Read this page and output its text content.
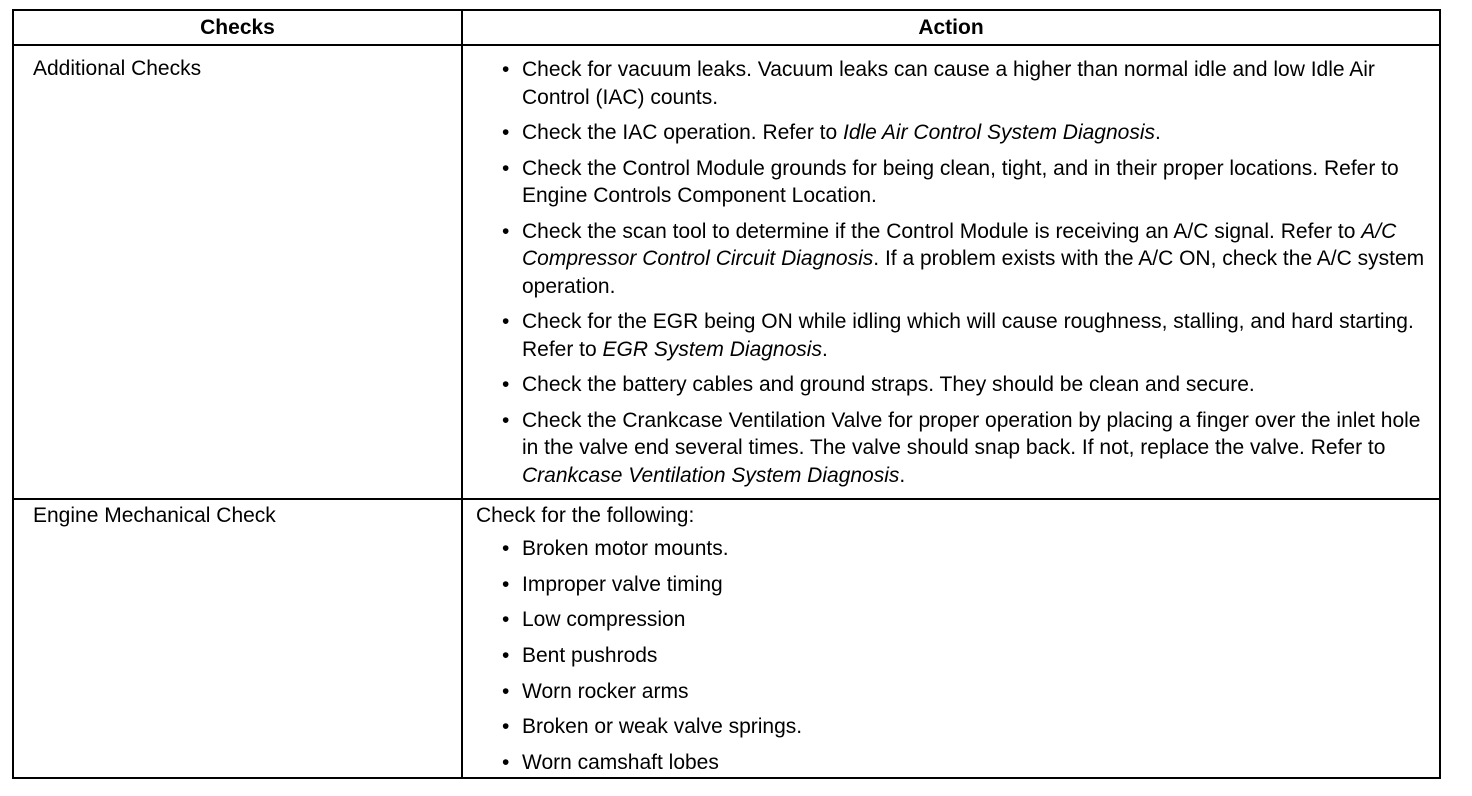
Checks	Action
Additional Checks	• Check for vacuum leaks. Vacuum leaks can cause a higher than normal idle and low Idle Air Control (IAC) counts.
• Check the IAC operation. Refer to Idle Air Control System Diagnosis.
• Check the Control Module grounds for being clean, tight, and in their proper locations. Refer to Engine Controls Component Location.
• Check the scan tool to determine if the Control Module is receiving an A/C signal. Refer to A/C Compressor Control Circuit Diagnosis. If a problem exists with the A/C ON, check the A/C system operation.
• Check for the EGR being ON while idling which will cause roughness, stalling, and hard starting. Refer to EGR System Diagnosis.
• Check the battery cables and ground straps. They should be clean and secure.
• Check the Crankcase Ventilation Valve for proper operation by placing a finger over the inlet hole in the valve end several times. The valve should snap back. If not, replace the valve. Refer to Crankcase Ventilation System Diagnosis.
Engine Mechanical Check	Check for the following:
• Broken motor mounts.
• Improper valve timing
• Low compression
• Bent pushrods
• Worn rocker arms
• Broken or weak valve springs.
• Worn camshaft lobes
